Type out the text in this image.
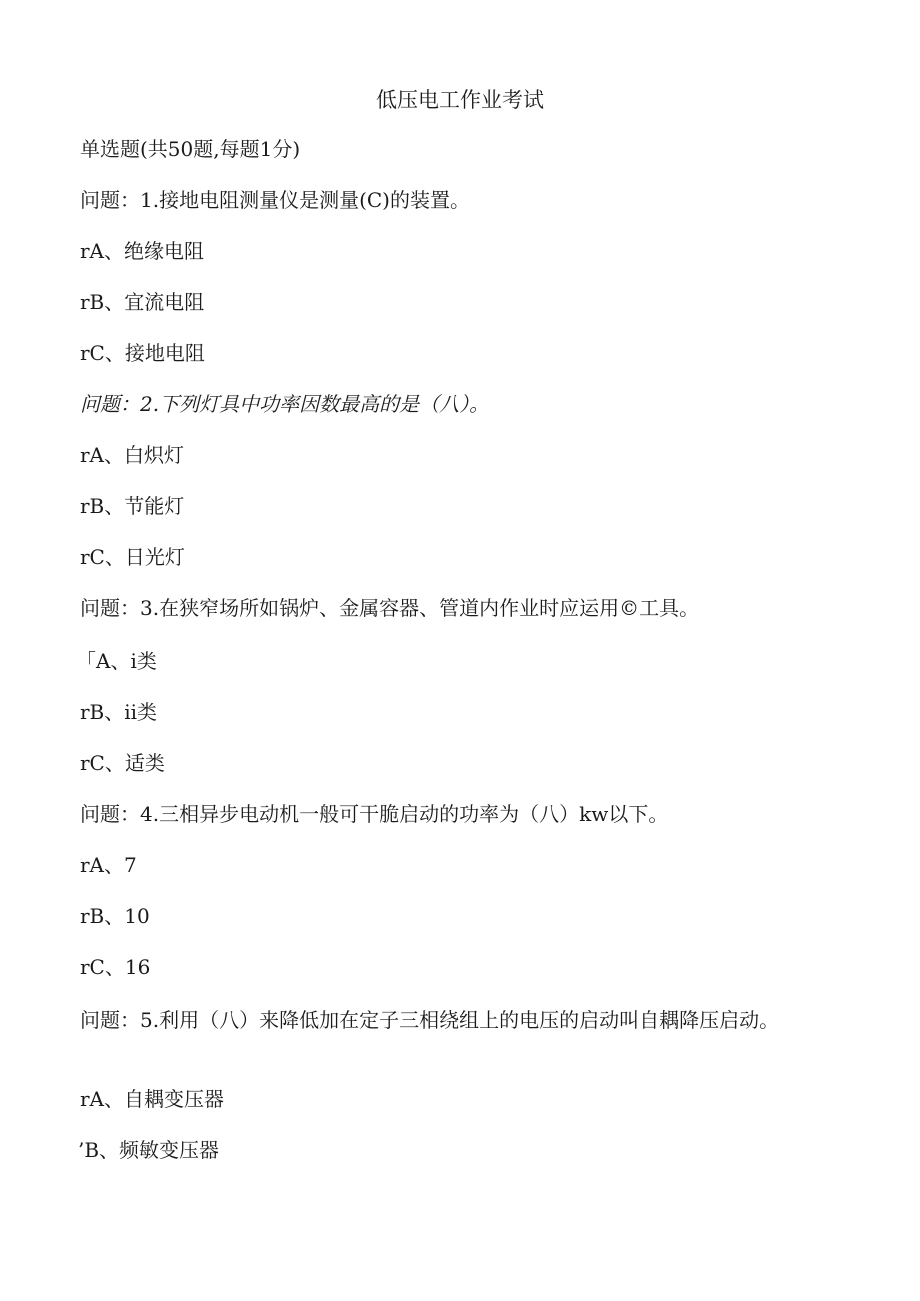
低压电工作业考试
单选题(共50题,每题1分)
问题：1.接地电阻测量仪是测量(C)的装置。
rA、绝缘电阻
rB、宜流电阻
rC、接地电阻
问题：2.下列灯具中功率因数最高的是（八）。
rA、白炽灯
rB、节能灯
rC、日光灯
问题：3.在狭窄场所如锅炉、金属容器、管道内作业时应运用©工具。
「A、i类
rB、ii类
rC、适类
问题：4.三相异步电动机一般可干脆启动的功率为（八）kw以下。
rA、7
rB、10
rC、16
问题：5.利用（八）来降低加在定子三相绕组上的电压的启动叫自耦降压启动。
rA、自耦变压器
’B、频敏变压器
